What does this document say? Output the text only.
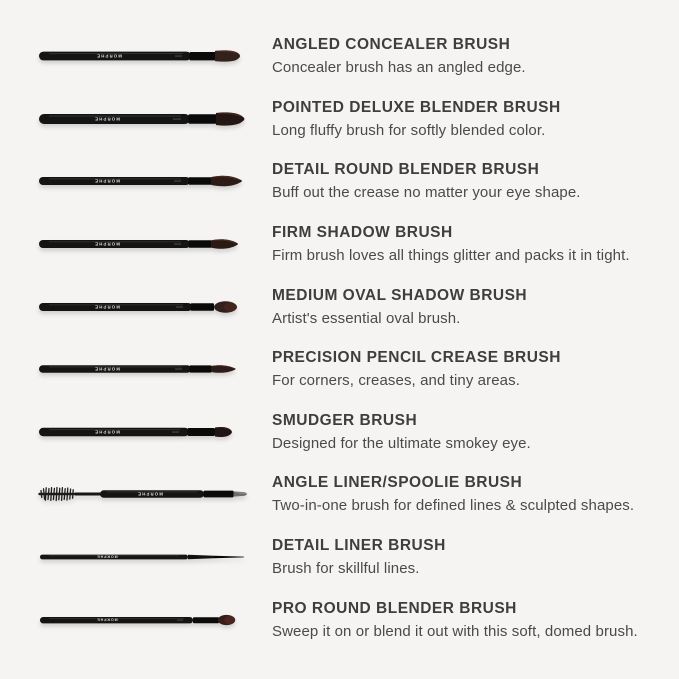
MORPHE
ANGLED CONCEALER BRUSH

Concealer brush has an angled edge.

MORPHE
POINTED DELUXE BLENDER BRUSH

Long fluffy brush for softly blended color.

MORPHE
DETAIL ROUND BLENDER BRUSH

Buff out the crease no matter your eye shape.

MORPHE
FIRM SHADOW BRUSH

Firm brush loves all things glitter and packs it in tight.

MORPHE
MEDIUM OVAL SHADOW BRUSH

Artist's essential oval brush.

MORPHE
PRECISION PENCIL CREASE BRUSH

For corners, creases, and tiny areas.

MORPHE
SMUDGER BRUSH

Designed for the ultimate smokey eye.

MORPHE
ANGLE LINER/SPOOLIE BRUSH

Two-in-one brush for defined lines & sculpted shapes.

MORPHE
DETAIL LINER BRUSH

Brush for skillful lines.

MORPHE
PRO ROUND BLENDER BRUSH

Sweep it on or blend it out with this soft, domed brush.
